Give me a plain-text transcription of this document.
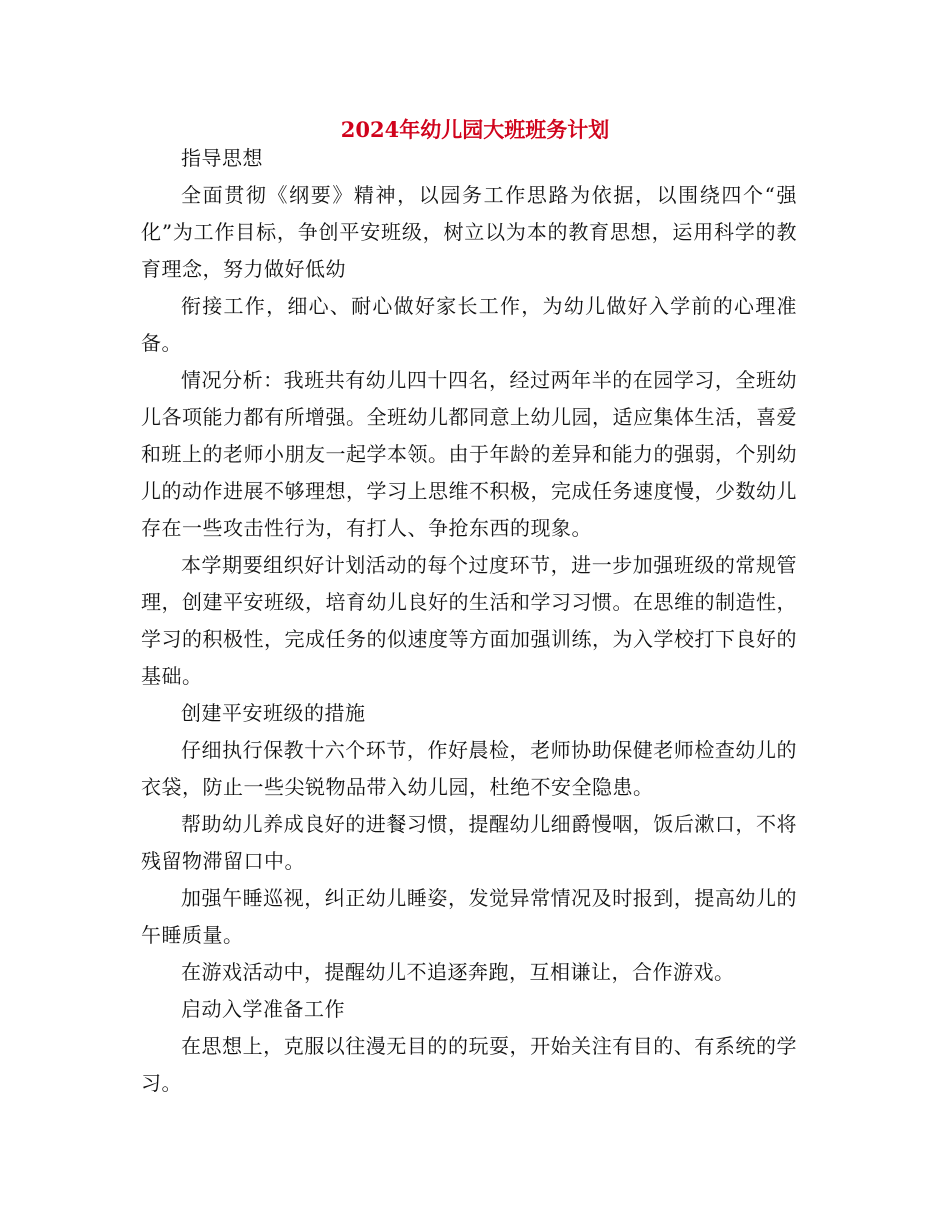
2024年幼儿园大班班务计划

指导思想

全面贯彻《纲要》精神，以园务工作思路为依据，以围绕四个“强化”为工作目标，争创平安班级，树立以为本的教育思想，运用科学的教育理念，努力做好低幼

衔接工作，细心、耐心做好家长工作，为幼儿做好入学前的心理准备。

情况分析：我班共有幼儿四十四名，经过两年半的在园学习，全班幼儿各项能力都有所增强。全班幼儿都同意上幼儿园，适应集体生活，喜爱和班上的老师小朋友一起学本领。由于年龄的差异和能力的强弱，个别幼儿的动作进展不够理想，学习上思维不积极，完成任务速度慢，少数幼儿存在一些攻击性行为，有打人、争抢东西的现象。

本学期要组织好计划活动的每个过度环节，进一步加强班级的常规管理，创建平安班级，培育幼儿良好的生活和学习习惯。在思维的制造性，学习的积极性，完成任务的似速度等方面加强训练，为入学校打下良好的基础。

创建平安班级的措施

仔细执行保教十六个环节，作好晨检，老师协助保健老师检查幼儿的衣袋，防止一些尖锐物品带入幼儿园，杜绝不安全隐患。

帮助幼儿养成良好的进餐习惯，提醒幼儿细爵慢咽，饭后漱口，不将残留物滞留口中。

加强午睡巡视，纠正幼儿睡姿，发觉异常情况及时报到，提高幼儿的午睡质量。

在游戏活动中，提醒幼儿不追逐奔跑，互相谦让，合作游戏。

启动入学准备工作

在思想上，克服以往漫无目的的玩耍，开始关注有目的、有系统的学习。
